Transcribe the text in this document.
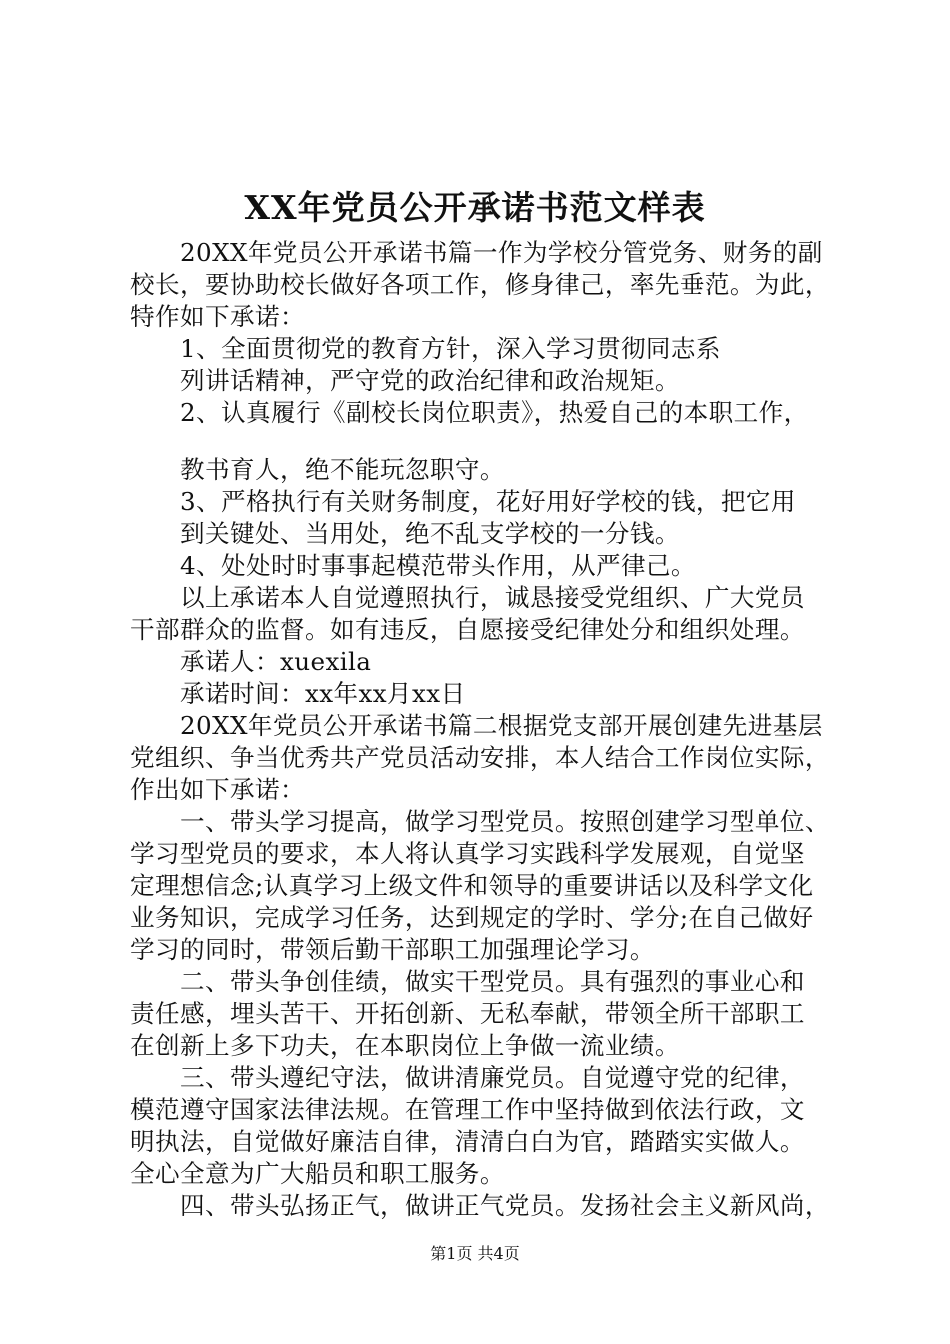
XX年党员公开承诺书范文样表
20XX年党员公开承诺书篇一作为学校分管党务、财务的副
校长，要协助校长做好各项工作，修身律己，率先垂范。为此，
特作如下承诺：
1、全面贯彻党的教育方针，深入学习贯彻同志系
列讲话精神，严守党的政治纪律和政治规矩。
2、认真履行《副校长岗位职责》，热爱自己的本职工作，
教书育人，绝不能玩忽职守。
3、严格执行有关财务制度，花好用好学校的钱，把它用
到关键处、当用处，绝不乱支学校的一分钱。
4、处处时时事事起模范带头作用，从严律己。
以上承诺本人自觉遵照执行，诚恳接受党组织、广大党员
干部群众的监督。如有违反，自愿接受纪律处分和组织处理。
承诺人：xuexila
承诺时间：xx年xx月xx日
20XX年党员公开承诺书篇二根据党支部开展创建先进基层
党组织、争当优秀共产党员活动安排，本人结合工作岗位实际，
作出如下承诺：
一、带头学习提高，做学习型党员。按照创建学习型单位、
学习型党员的要求，本人将认真学习实践科学发展观，自觉坚
定理想信念;认真学习上级文件和领导的重要讲话以及科学文化
业务知识，完成学习任务，达到规定的学时、学分;在自己做好
学习的同时，带领后勤干部职工加强理论学习。
二、带头争创佳绩，做实干型党员。具有强烈的事业心和
责任感，埋头苦干、开拓创新、无私奉献，带领全所干部职工
在创新上多下功夫，在本职岗位上争做一流业绩。
三、带头遵纪守法，做讲清廉党员。自觉遵守党的纪律，
模范遵守国家法律法规。在管理工作中坚持做到依法行政，文
明执法，自觉做好廉洁自律，清清白白为官，踏踏实实做人。
全心全意为广大船员和职工服务。
四、带头弘扬正气，做讲正气党员。发扬社会主义新风尚，
第1页 共4页
